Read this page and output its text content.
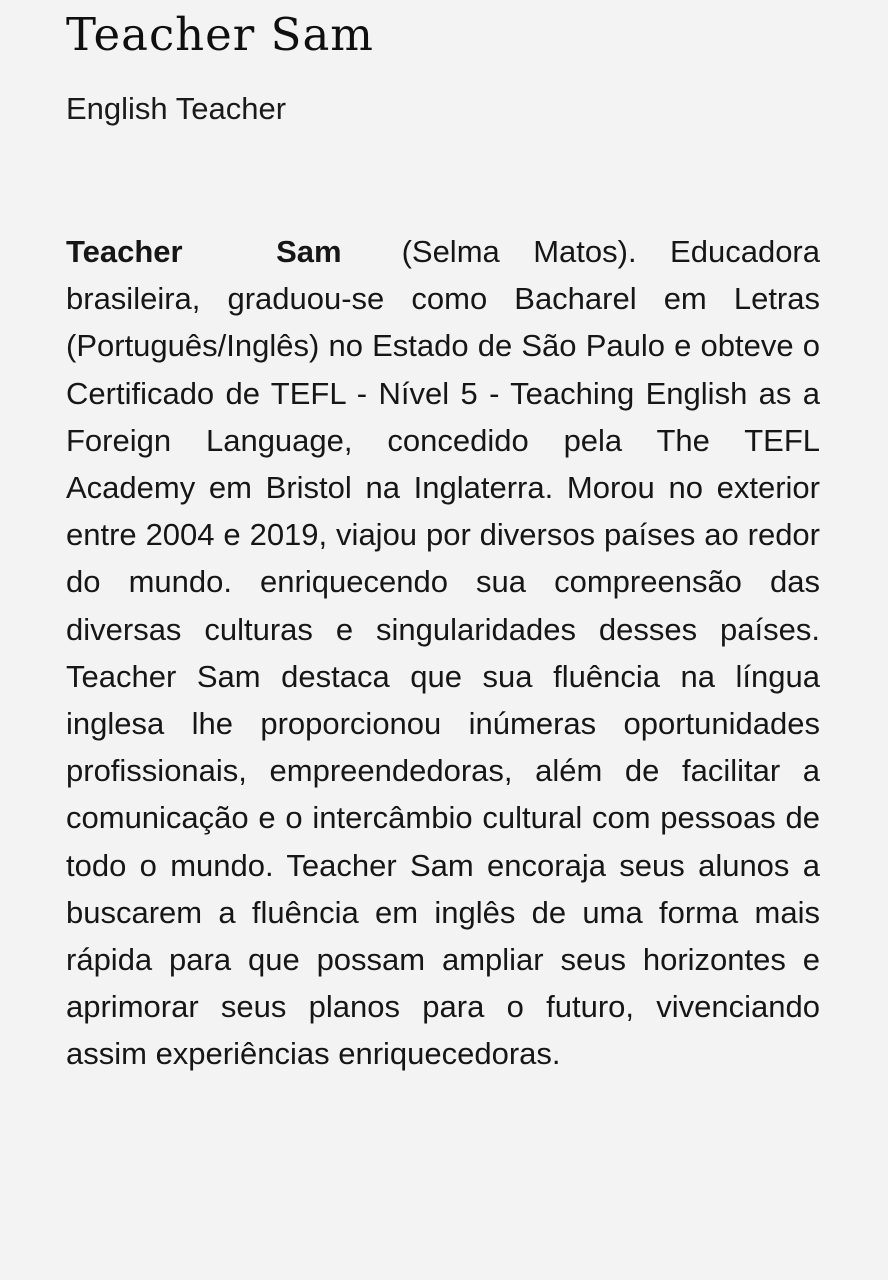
Teacher Sam

English Teacher

Teacher Sam (Selma Matos). Educadora brasileira, graduou-se como Bacharel em Letras (Português/Inglês) no Estado de São Paulo e obteve o Certificado de TEFL - Nível 5 - Teaching English as a Foreign Language, concedido pela The TEFL Academy em Bristol na Inglaterra. Morou no exterior entre 2004 e 2019, viajou por diversos países ao redor do mundo. enriquecendo sua compreensão das diversas culturas e singularidades desses países. Teacher Sam destaca que sua fluência na língua inglesa lhe proporcionou inúmeras oportunidades profissionais, empreendedoras, além de facilitar a comunicação e o intercâmbio cultural com pessoas de todo o mundo. Teacher Sam encoraja seus alunos a buscarem a fluência em inglês de uma forma mais rápida para que possam ampliar seus horizontes e aprimorar seus planos para o futuro, vivenciando assim experiências enriquecedoras.
